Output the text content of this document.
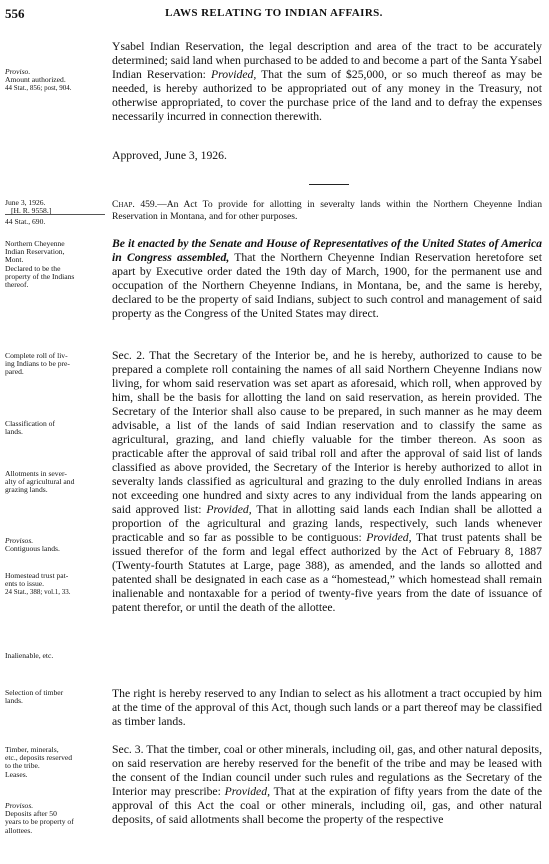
556	LAWS RELATING TO INDIAN AFFAIRS.
Proviso.
Amount authorized.
44 Stat., 856; post, 904.
June 3, 1926.
[H. R. 9558.]
44 Stat., 690.
Northern Cheyenne
Indian Reservation,
Mont.
Declared to be the
property of the Indians
thereof.
Complete roll of liv-
ing Indians to be pre-
pared.
Classification of
lands.
Allotments in sever-
alty of agricultural and
grazing lands.
Provisos.
Contiguous lands.
Homestead trust pat-
ents to issue.
24 Stat., 388; vol.1, 33.
Inalienable, etc.
Selection of timber
lands.
Timber, minerals,
etc., deposits reserved
to the tribe.
Leases.
Provisos.
Deposits after 50
years to be property of
allottees.
Ysabel Indian Reservation, the legal description and area of the tract to be accurately determined; said land when purchased to be added to and become a part of the Santa Ysabel Indian Reservation: Provided, That the sum of $25,000, or so much thereof as may be needed, is hereby authorized to be appropriated out of any money in the Treasury, not otherwise appropriated, to cover the purchase price of the land and to defray the expenses necessarily incurred in connection therewith.
Approved, June 3, 1926.
Chap. 459.—An Act To provide for allotting in severalty lands within the Northern Cheyenne Indian Reservation in Montana, and for other purposes.
Be it enacted by the Senate and House of Representatives of the United States of America in Congress assembled, That the Northern Cheyenne Indian Reservation heretofore set apart by Executive order dated the 19th day of March, 1900, for the permanent use and occupation of the Northern Cheyenne Indians, in Montana, be, and the same is hereby, declared to be the property of said Indians, subject to such control and management of said property as the Congress of the United States may direct.
Sec. 2. That the Secretary of the Interior be, and he is hereby, authorized to cause to be prepared a complete roll containing the names of all said Northern Cheyenne Indians now living, for whom said reservation was set apart as aforesaid, which roll, when approved by him, shall be the basis for allotting the land on said reservation, as herein provided. The Secretary of the Interior shall also cause to be prepared, in such manner as he may deem advisable, a list of the lands of said Indian reservation and to classify the same as agricultural, grazing, and land chiefly valuable for the timber thereon. As soon as practicable after the approval of said tribal roll and after the approval of said list of lands classified as above provided, the Secretary of the Interior is hereby authorized to allot in severalty lands classified as agricultural and grazing to the duly enrolled Indians in areas not exceeding one hundred and sixty acres to any individual from the lands appearing on said approved list: Provided, That in allotting said lands each Indian shall be allotted a proportion of the agricultural and grazing lands, respectively, such lands whenever practicable and so far as possible to be contiguous: Provided, That trust patents shall be issued therefor of the form and legal effect authorized by the Act of February 8, 1887 (Twenty-fourth Statutes at Large, page 388), as amended, and the lands so allotted and patented shall be designated in each case as a “homestead,” which homestead shall remain inalienable and nontaxable for a period of twenty-five years from the date of issuance of patent therefor, or until the death of the allottee.
The right is hereby reserved to any Indian to select as his allotment a tract occupied by him at the time of the approval of this Act, though such lands or a part thereof may be classified as timber lands.
Sec. 3. That the timber, coal or other minerals, including oil, gas, and other natural deposits, on said reservation are hereby reserved for the benefit of the tribe and may be leased with the consent of the Indian council under such rules and regulations as the Secretary of the Interior may prescribe: Provided, That at the expiration of fifty years from the date of the approval of this Act the coal or other minerals, including oil, gas, and other natural deposits, of said allotments shall become the property of the respective
